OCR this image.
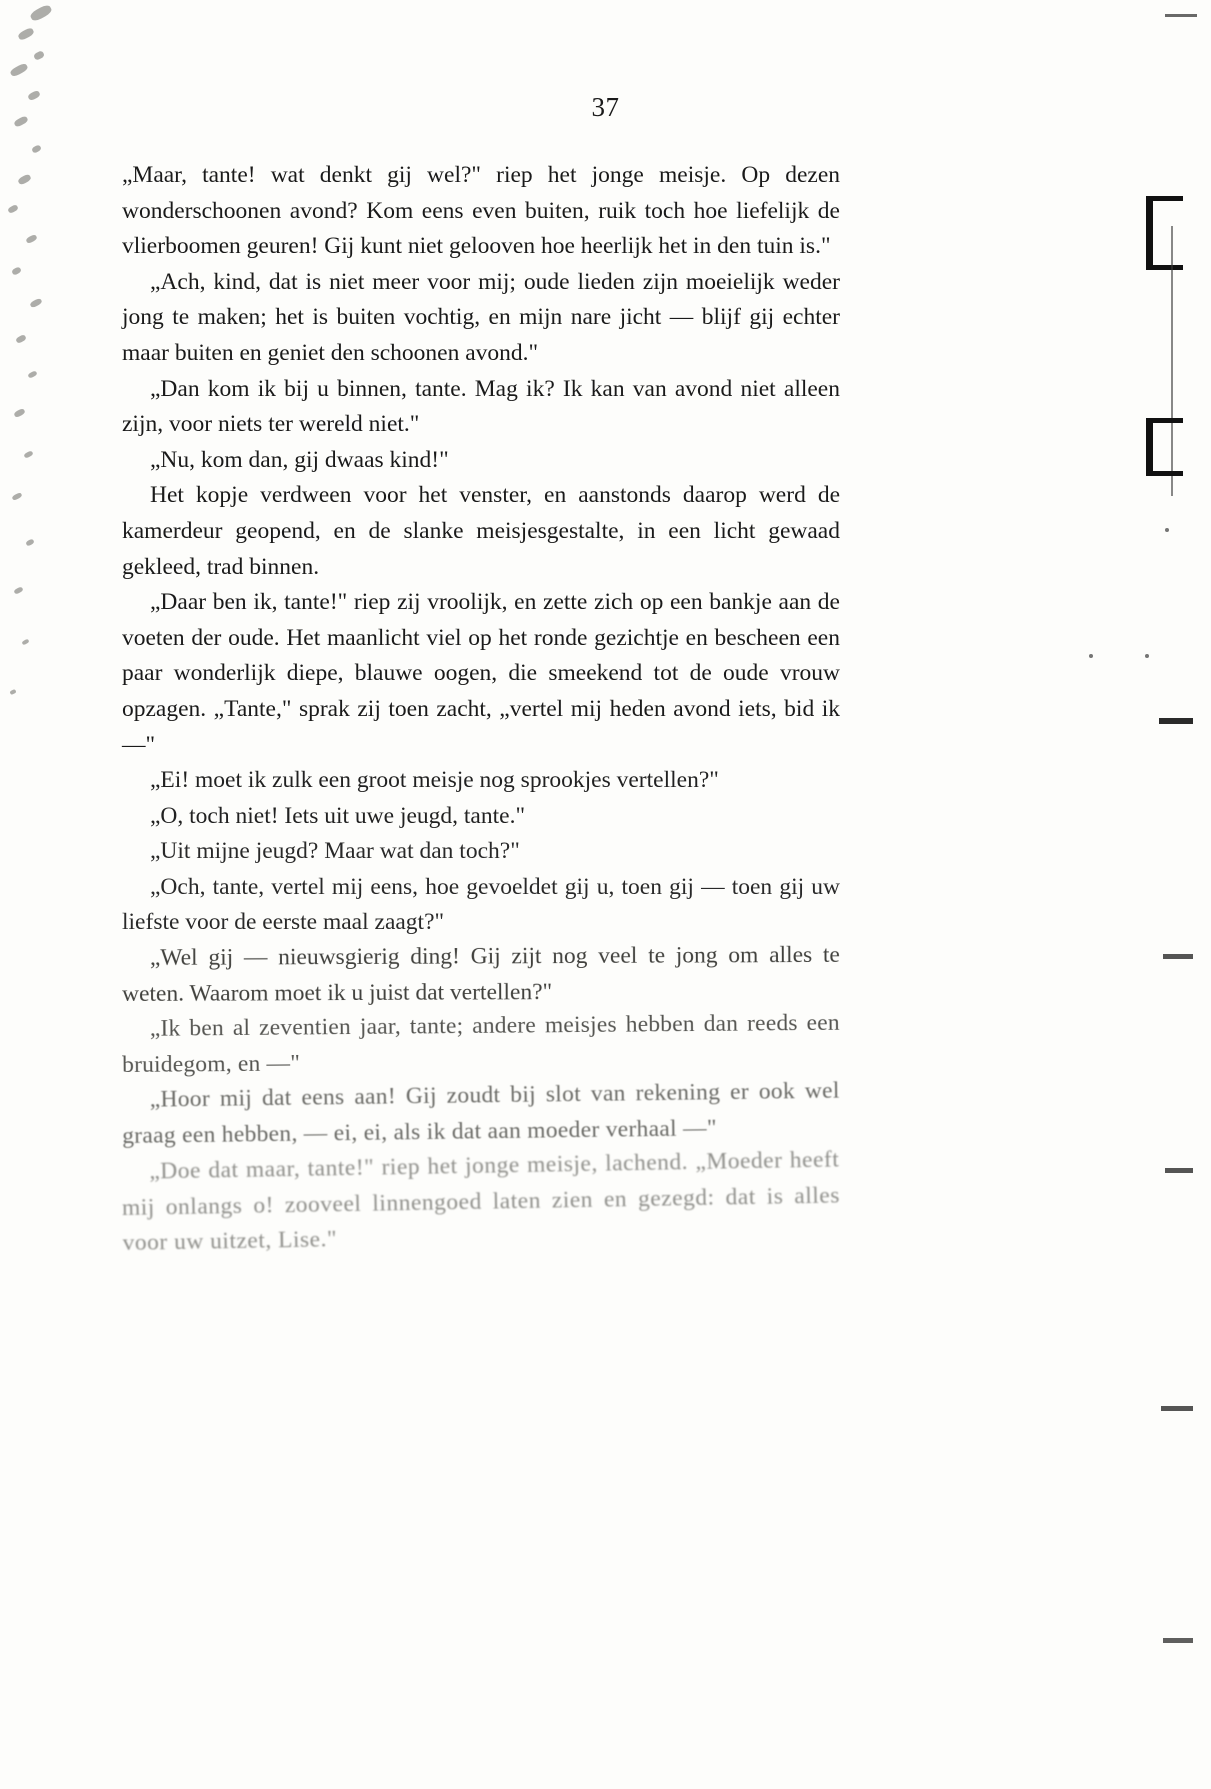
37

„Maar, tante! wat denkt gij wel?" riep het jonge meisje. Op dezen wonderschoonen avond? Kom eens even buiten, ruik toch hoe liefelijk de vlierboomen geuren! Gij kunt niet gelooven hoe heerlijk het in den tuin is."

„Ach, kind, dat is niet meer voor mij; oude lieden zijn moeielijk weder jong te maken; het is buiten vochtig, en mijn nare jicht — blijf gij echter maar buiten en geniet den schoonen avond."

„Dan kom ik bij u binnen, tante. Mag ik? Ik kan van avond niet alleen zijn, voor niets ter wereld niet."

„Nu, kom dan, gij dwaas kind!"

Het kopje verdween voor het venster, en aanstonds daarop werd de kamerdeur geopend, en de slanke meisjesgestalte, in een licht gewaad gekleed, trad binnen.

„Daar ben ik, tante!" riep zij vroolijk, en zette zich op een bankje aan de voeten der oude. Het maanlicht viel op het ronde gezichtje en bescheen een paar wonderlijk diepe, blauwe oogen, die smeekend tot de oude vrouw opzagen. „Tante," sprak zij toen zacht, „vertel mij heden avond iets, bid ik —"

„Ei! moet ik zulk een groot meisje nog sprookjes vertellen?"

„O, toch niet! Iets uit uwe jeugd, tante."

„Uit mijne jeugd? Maar wat dan toch?"

„Och, tante, vertel mij eens, hoe gevoeldet gij u, toen gij — toen gij uw liefste voor de eerste maal zaagt?"

„Wel gij — nieuwsgierig ding! Gij zijt nog veel te jong om alles te weten. Waarom moet ik u juist dat vertellen?"

„Ik ben al zeventien jaar, tante; andere meisjes hebben dan reeds een bruidegom, en —"

„Hoor mij dat eens aan! Gij zoudt bij slot van rekening er ook wel graag een hebben, — ei, ei, als ik dat aan moeder verhaal —"

„Doe dat maar, tante!" riep het jonge meisje, lachend. „Moeder heeft mij onlangs o! zooveel linnengoed laten zien en gezegd: dat is alles voor uw uitzet, Lise."
